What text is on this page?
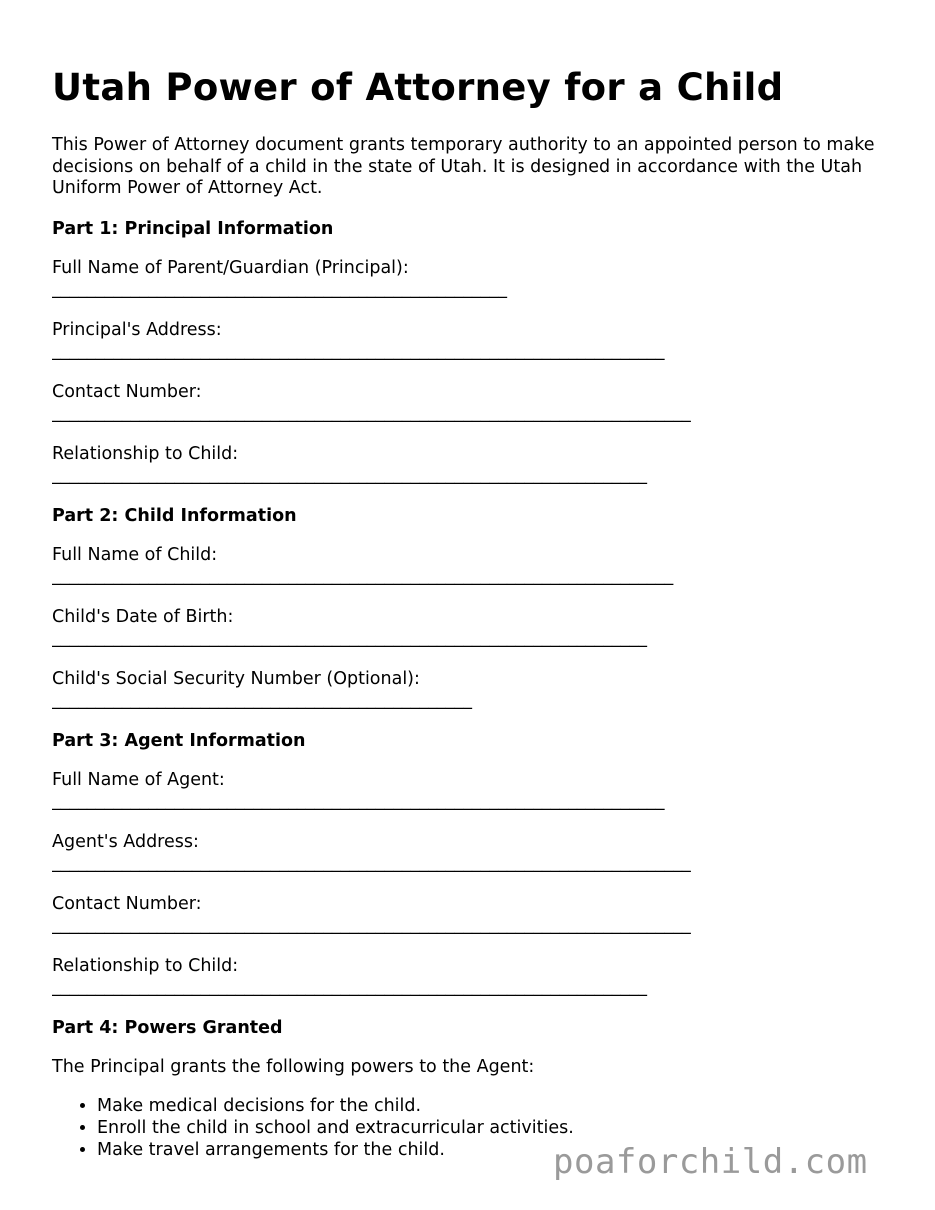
Utah Power of Attorney for a Child

This Power of Attorney document grants temporary authority to an appointed person to make decisions on behalf of a child in the state of Utah. It is designed in accordance with the Utah Uniform Power of Attorney Act.

Part 1: Principal Information
Full Name of Parent/Guardian (Principal):
____________________________________________________
Principal's Address:
______________________________________________________________________
Contact Number:
_________________________________________________________________________
Relationship to Child:
____________________________________________________________________
Part 2: Child Information
Full Name of Child:
_______________________________________________________________________
Child's Date of Birth:
____________________________________________________________________
Child's Social Security Number (Optional):
________________________________________________
Part 3: Agent Information
Full Name of Agent:
______________________________________________________________________
Agent's Address:
_________________________________________________________________________
Contact Number:
_________________________________________________________________________
Relationship to Child:
____________________________________________________________________
Part 4: Powers Granted

The Principal grants the following powers to the Agent:

• Make medical decisions for the child.
• Enroll the child in school and extracurricular activities.
• Make travel arrangements for the child.	poaforchild.com
